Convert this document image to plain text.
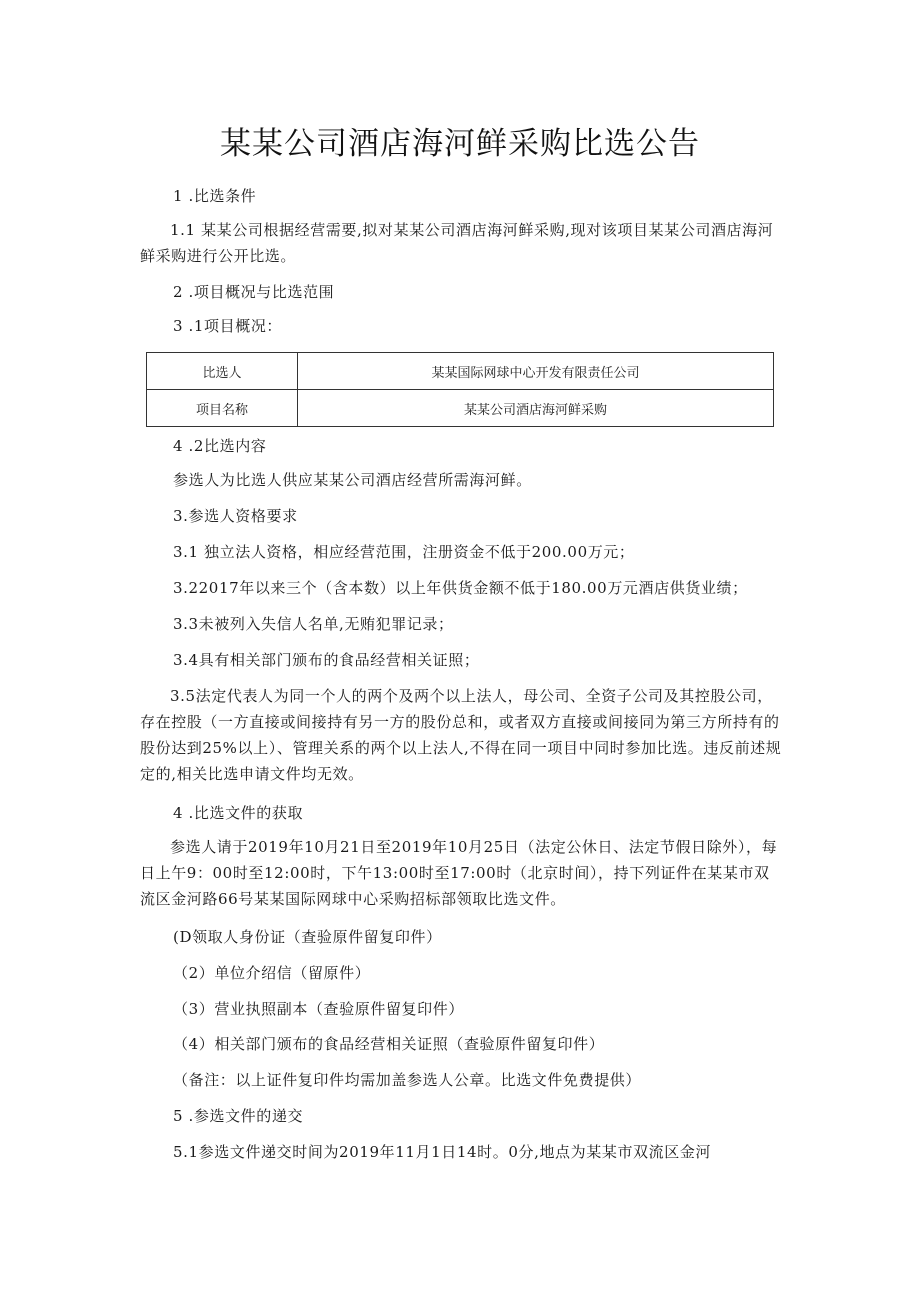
某某公司酒店海河鲜采购比选公告

1 .比选条件

1.1 某某公司根据经营需要,拟对某某公司酒店海河鲜采购,现对该项目某某公司酒店海河鲜采购进行公开比选。

2 .项目概况与比选范围

3 .1项目概况：

比选人	某某国际网球中心开发有限责任公司
项目名称	某某公司酒店海河鲜采购

4 .2比选内容

参选人为比选人供应某某公司酒店经营所需海河鲜。

3.参选人资格要求

3.1 独立法人资格，相应经营范围，注册资金不低于200.00万元；

3.22017年以来三个（含本数）以上年供货金额不低于180.00万元酒店供货业绩；

3.3未被列入失信人名单,无贿犯罪记录；

3.4具有相关部门颁布的食品经营相关证照；

3.5法定代表人为同一个人的两个及两个以上法人，母公司、全资子公司及其控股公司，存在控股（一方直接或间接持有另一方的股份总和，或者双方直接或间接同为第三方所持有的股份达到25%以上）、管理关系的两个以上法人,不得在同一项目中同时参加比选。违反前述规定的,相关比选申请文件均无效。

4 .比选文件的获取

参选人请于2019年10月21日至2019年10月25日（法定公休日、法定节假日除外），每日上午9：00时至12:00时，下午13:00时至17:00时（北京时间），持下列证件在某某市双流区金河路66号某某国际网球中心采购招标部领取比选文件。

(D领取人身份证（查验原件留复印件）

（2）单位介绍信（留原件）

（3）营业执照副本（查验原件留复印件）

（4）相关部门颁布的食品经营相关证照（查验原件留复印件）

（备注：以上证件复印件均需加盖参选人公章。比选文件免费提供）

5 .参选文件的递交

5.1参选文件递交时间为2019年11月1日14时。0分,地点为某某市双流区金河
